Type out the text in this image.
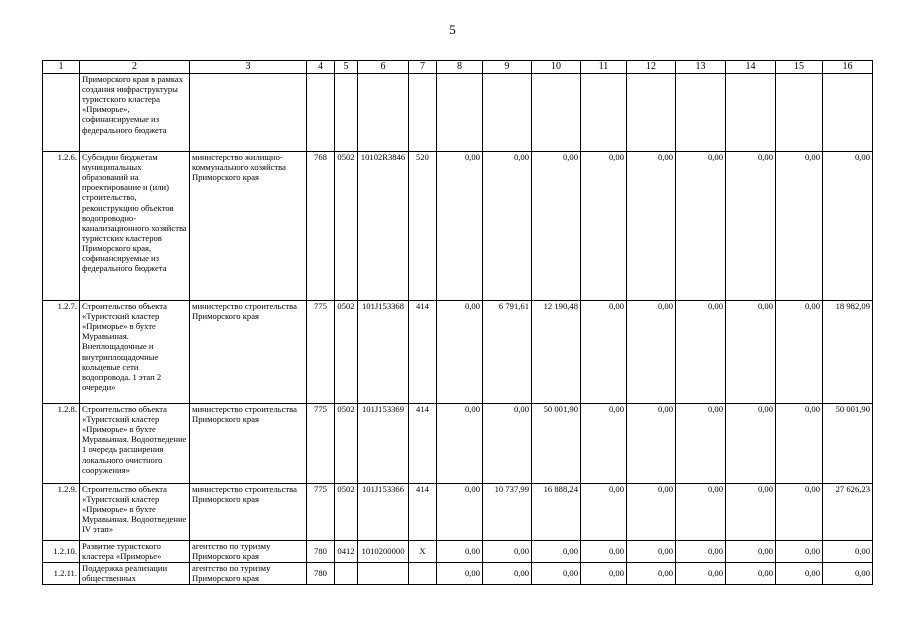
5
1	2	3	4	5	6	7	8	9	10	11	12	13	14	15	16
	Приморского края в рамках создания инфраструктуры туристского кластера «Приморье», софинансируемые из федерального бюджета														
1.2.6.	Субсидии бюджетам муниципальных образований на проектирование и (или) строительство, реконструкцию объектов водопроводно-канализационного хозяйства туристских кластеров Приморского края, софинансируемые из федерального бюджета	министерство жилищно-коммунального хозяйства Приморского края	768	0502	10102R3846	520	0,00	0,00	0,00	0,00	0,00	0,00	0,00	0,00	0,00
1.2.7.	Строительство объекта «Туристский кластер «Приморье» в бухте Муравьиная. Внеплощадочные и внутриплощадочные кольцевые сети водопровода. 1 этап 2 очереди»	министерство строительства Приморского края	775	0502	101J153368	414	0,00	6 791,61	12 190,48	0,00	0,00	0,00	0,00	0,00	18 982,09
1.2.8.	Строительство объекта «Туристский кластер «Приморье» в бухте Муравьиная. Водоотведение 1 очередь расширения локального очистного сооружения»	министерство строительства Приморского края	775	0502	101J153369	414	0,00	0,00	50 001,90	0,00	0,00	0,00	0,00	0,00	50 001,90
1.2.9.	Строительство объекта «Туристский кластер «Приморье» в бухте Муравьиная. Водоотведение IV этап»	министерство строительства Приморского края	775	0502	101J153366	414	0,00	10 737,99	16 888,24	0,00	0,00	0,00	0,00	0,00	27 626,23
1.2.10.	Развитие туристского кластера «Приморье»	агентство по туризму Приморского края	780	0412	1010200000	X	0,00	0,00	0,00	0,00	0,00	0,00	0,00	0,00	0,00
1.2.11.	Поддержка реализации общественных	агентство по туризму Приморского края	780				0,00	0,00	0,00	0,00	0,00	0,00	0,00	0,00	0,00
